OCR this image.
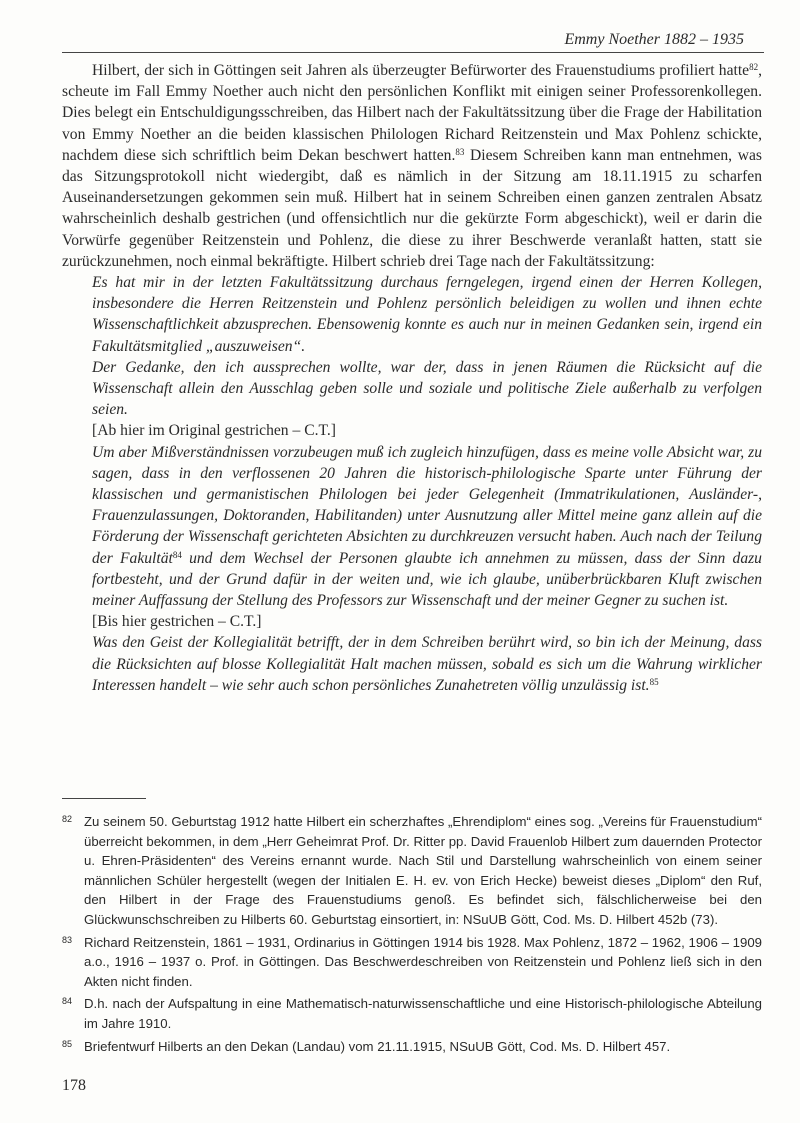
Emmy Noether 1882 – 1935

Hilbert, der sich in Göttingen seit Jahren als überzeugter Befürworter des Frauenstudiums profiliert hatte$^{82}$, scheute im Fall Emmy Noether auch nicht den persönlichen Konflikt mit einigen seiner Professorenkollegen. Dies belegt ein Entschuldigungsschreiben, das Hilbert nach der Fakultätssitzung über die Frage der Habilitation von Emmy Noether an die beiden klassischen Philologen Richard Reitzenstein und Max Pohlenz schickte, nachdem diese sich schriftlich beim Dekan beschwert hatten.$^{83}$ Diesem Schreiben kann man entnehmen, was das Sitzungsprotokoll nicht wiedergibt, daß es nämlich in der Sitzung am 18.11.1915 zu scharfen Auseinandersetzungen gekommen sein muß. Hilbert hat in seinem Schreiben einen ganzen zentralen Absatz wahrscheinlich deshalb gestrichen (und offensichtlich nur die gekürzte Form abgeschickt), weil er darin die Vorwürfe gegenüber Reitzenstein und Pohlenz, die diese zu ihrer Beschwerde veranlaßt hatten, statt sie zurückzunehmen, noch einmal bekräftigte. Hilbert schrieb drei Tage nach der Fakultätssitzung:

Es hat mir in der letzten Fakultätssitzung durchaus ferngelegen, irgend einen der Herren Kollegen, insbesondere die Herren Reitzenstein und Pohlenz persönlich beleidigen zu wollen und ihnen echte Wissenschaftlichkeit abzusprechen. Ebensowenig konnte es auch nur in meinen Gedanken sein, irgend ein Fakultätsmitglied „auszuweisen“.

Der Gedanke, den ich aussprechen wollte, war der, dass in jenen Räumen die Rücksicht auf die Wissenschaft allein den Ausschlag geben solle und soziale und politische Ziele außerhalb zu verfolgen seien.

[Ab hier im Original gestrichen – C.T.]

Um aber Mißverständnissen vorzubeugen muß ich zugleich hinzufügen, dass es meine volle Absicht war, zu sagen, dass in den verflossenen 20 Jahren die historisch-philologische Sparte unter Führung der klassischen und germanistischen Philologen bei jeder Gelegenheit (Immatrikulationen, Ausländer-, Frauenzulassungen, Doktoranden, Habilitanden) unter Ausnutzung aller Mittel meine ganz allein auf die Förderung der Wissenschaft gerichteten Absichten zu durchkreuzen versucht haben. Auch nach der Teilung der Fakultät$^{84}$ und dem Wechsel der Personen glaubte ich annehmen zu müssen, dass der Sinn dazu fortbesteht, und der Grund dafür in der weiten und, wie ich glaube, unüberbrückbaren Kluft zwischen meiner Auffassung der Stellung des Professors zur Wissenschaft und der meiner Gegner zu suchen ist.

[Bis hier gestrichen – C.T.]

Was den Geist der Kollegialität betrifft, der in dem Schreiben berührt wird, so bin ich der Meinung, dass die Rücksichten auf blosse Kollegialität Halt machen müssen, sobald es sich um die Wahrung wirklicher Interessen handelt – wie sehr auch schon persönliches Zunahetreten völlig unzulässig ist.$^{85}$

82 Zu seinem 50. Geburtstag 1912 hatte Hilbert ein scherzhaftes „Ehrendiplom“ eines sog. „Vereins für Frauenstudium“ überreicht bekommen, in dem „Herr Geheimrat Prof. Dr. Ritter pp. David Frauenlob Hilbert zum dauernden Protector u. Ehren-Präsidenten“ des Vereins ernannt wurde. Nach Stil und Darstellung wahrscheinlich von einem seiner männlichen Schüler hergestellt (wegen der Initialen E. H. ev. von Erich Hecke) beweist dieses „Diplom“ den Ruf, den Hilbert in der Frage des Frauenstudiums genoß. Es befindet sich, fälschlicherweise bei den Glückwunschschreiben zu Hilberts 60. Geburtstag einsortiert, in: NSuUB Gött, Cod. Ms. D. Hilbert 452b (73).
83 Richard Reitzenstein, 1861 – 1931, Ordinarius in Göttingen 1914 bis 1928. Max Pohlenz, 1872 – 1962, 1906 – 1909 a.o., 1916 – 1937 o. Prof. in Göttingen. Das Beschwerdeschreiben von Reitzenstein und Pohlenz ließ sich in den Akten nicht finden.
84 D.h. nach der Aufspaltung in eine Mathematisch-naturwissenschaftliche und eine Historisch-philologische Abteilung im Jahre 1910.
85 Briefentwurf Hilberts an den Dekan (Landau) vom 21.11.1915, NSuUB Gött, Cod. Ms. D. Hilbert 457.
178
